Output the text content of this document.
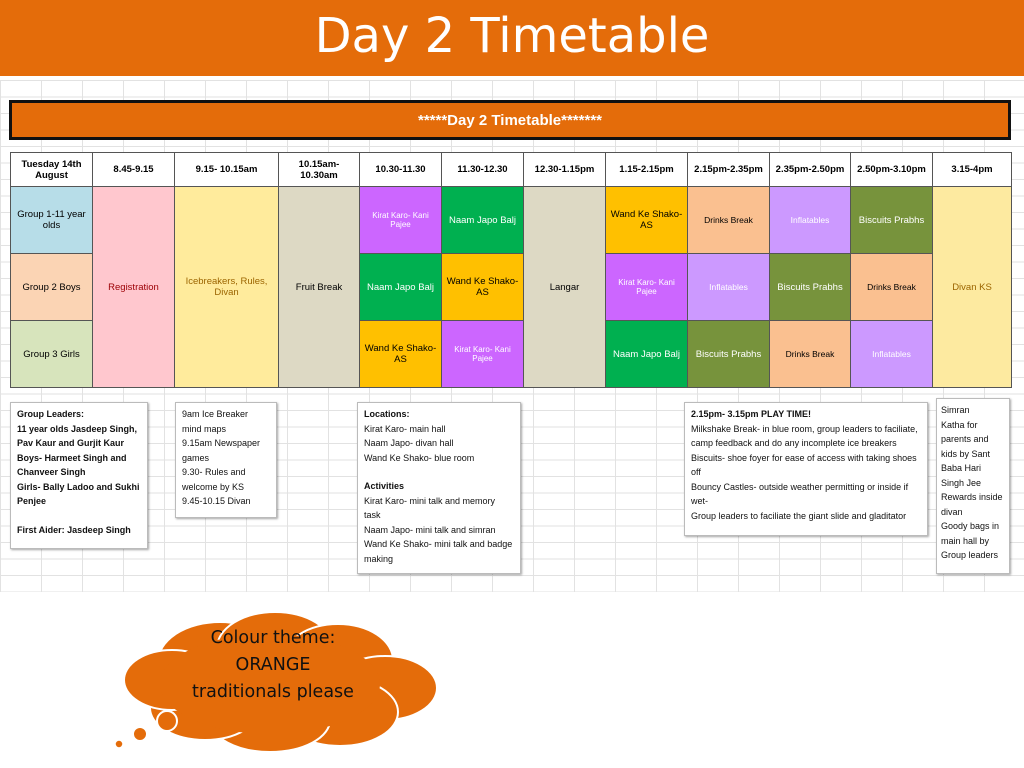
Day 2 Timetable
*****Day 2 Timetable*******
Tuesday 14th August	8.45-9.15	9.15- 10.15am	10.15am-10.30am	10.30-11.30	11.30-12.30	12.30-1.15pm	1.15-2.15pm	2.15pm-2.35pm	2.35pm-2.50pm	2.50pm-3.10pm	3.15-4pm
Group 1-11 year olds	Registration	Icebreakers, Rules, Divan	Fruit Break	Kirat Karo- Kani Pajee	Naam Japo Balj	Langar	Wand Ke Shako- AS	Drinks Break	Inflatables	Biscuits Prabhs	Divan KS
Group 2 Boys				Naam Japo Balj	Wand Ke Shako- AS		Kirat Karo- Kani Pajee	Inflatables	Biscuits Prabhs	Drinks Break	
Group 3 Girls				Wand Ke Shako- AS	Kirat Karo- Kani Pajee		Naam Japo Balj	Biscuits Prabhs	Drinks Break	Inflatables	
Group Leaders:
11 year olds Jasdeep Singh, Pav Kaur and Gurjit Kaur
Boys- Harmeet Singh and Chanveer Singh
Girls- Bally Ladoo and Sukhi Penjee

First Aider: Jasdeep Singh
9am Ice Breaker mind maps
9.15am Newspaper games
9.30- Rules and welcome by KS
9.45-10.15 Divan
Locations:
Kirat Karo- main hall
Naam Japo- divan hall
Wand Ke Shako- blue room
Activities
Kirat Karo- mini talk and memory task
Naam Japo- mini talk and simran
Wand Ke Shako- mini talk and badge making
2.15pm- 3.15pm PLAY TIME!
Milkshake Break- in blue room, group leaders to faciliate, camp feedback and do any incomplete ice breakers
Biscuits- shoe foyer for ease of access with taking shoes off
Bouncy Castles- outside weather permitting or inside if wet-
Group leaders to faciliate the giant slide and gladitator
Simran
Katha for parents and kids by Sant Baba Hari Singh Jee
Rewards inside divan
Goody bags in main hall by Group leaders
Colour theme:
ORANGE
traditionals please
